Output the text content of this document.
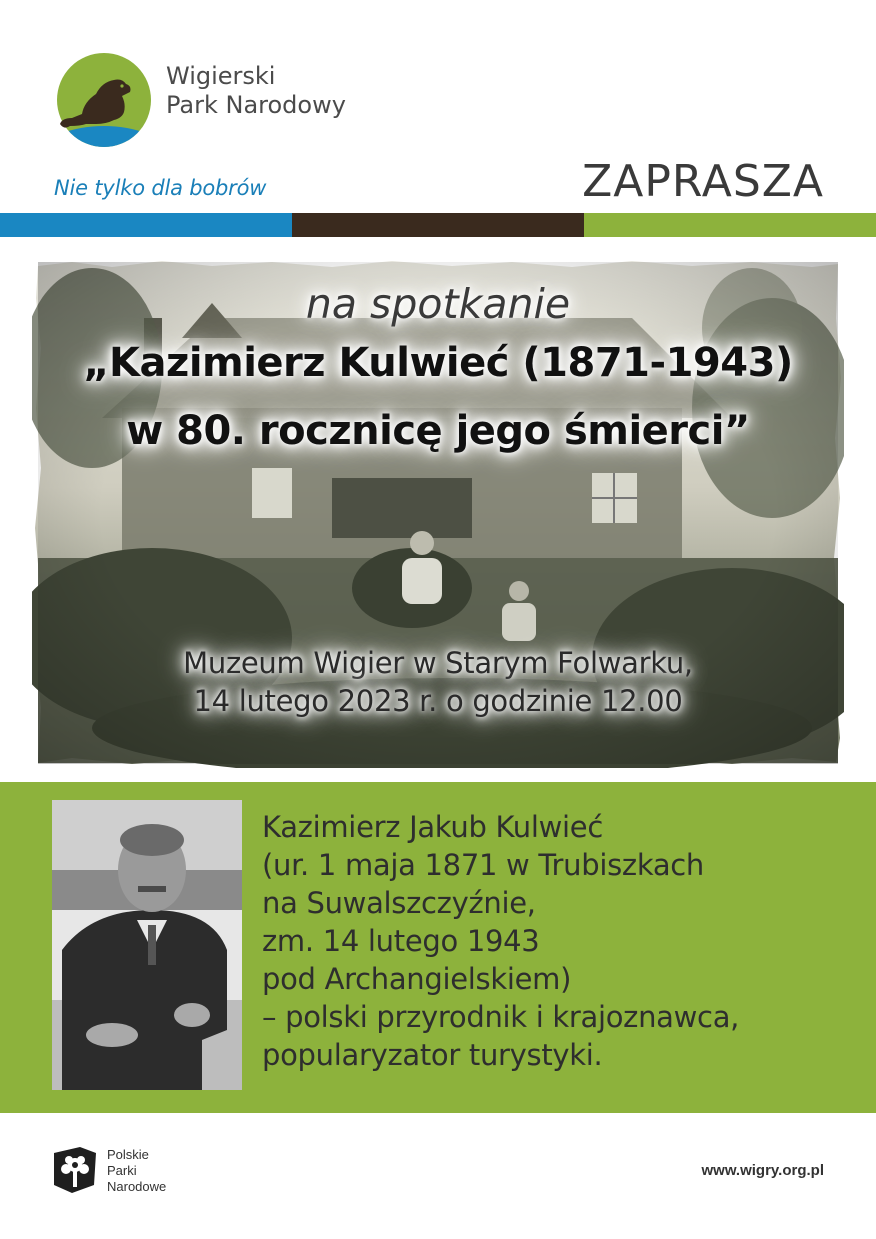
Wigierski
Park Narodowy
Nie tylko dla bobrów	ZAPRASZA
na spotkanie
„Kazimierz Kulwieć (1871-1943)
w 80. rocznicę jego śmierci”
Muzeum Wigier w Starym Folwarku,
14 lutego 2023 r. o godzinie 12.00
Kazimierz Jakub Kulwieć
(ur. 1 maja 1871 w Trubiszkach
na Suwalszczyźnie,
zm. 14 lutego 1943
pod Archangielskiem)
– polski przyrodnik i krajoznawca,
popularyzator turystyki.
Polskie
Parki
Narodowe
www.wigry.org.pl
